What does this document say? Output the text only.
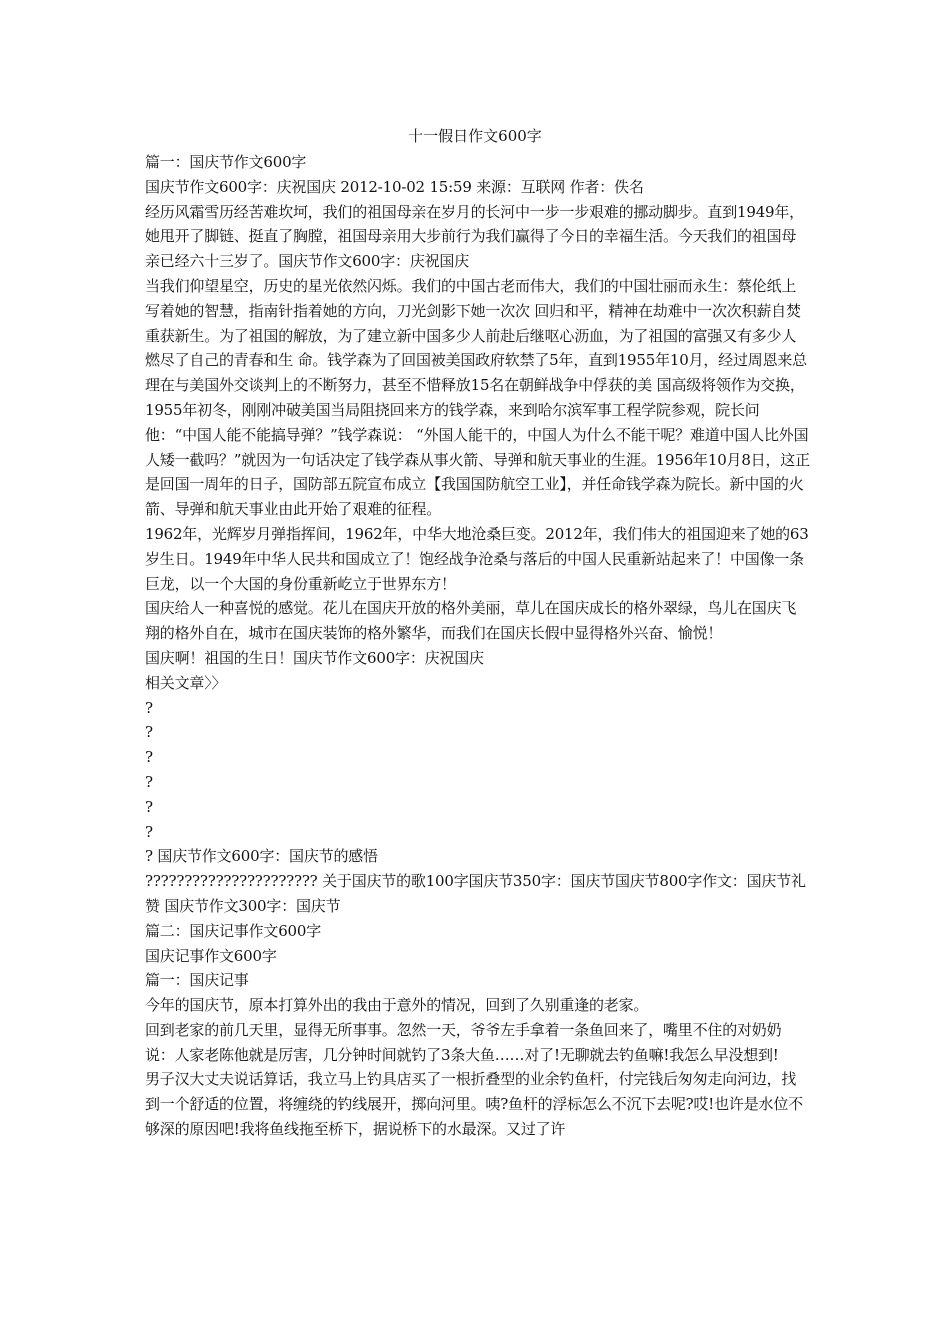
十一假日作文600字

篇一：国庆节作文600字

国庆节作文600字：庆祝国庆 2012-10-02 15:59 来源：互联网 作者：佚名

经历风霜雪历经苦难坎坷，我们的祖国母亲在岁月的长河中一步一步艰难的挪动脚步。直到1949年，她甩开了脚链、挺直了胸膛，祖国母亲用大步前行为我们赢得了今日的幸福生活。今天我们的祖国母亲已经六十三岁了。国庆节作文600字：庆祝国庆

当我们仰望星空，历史的星光依然闪烁。我们的中国古老而伟大，我们的中国壮丽而永生：蔡伦纸上写着她的智慧，指南针指着她的方向，刀光剑影下她一次次 回归和平，精神在劫难中一次次积薪自焚重获新生。为了祖国的解放，为了建立新中国多少人前赴后继呕心沥血，为了祖国的富强又有多少人燃尽了自己的青春和生 命。钱学森为了回国被美国政府软禁了5年，直到1955年10月，经过周恩来总理在与美国外交谈判上的不断努力，甚至不惜释放15名在朝鲜战争中俘获的美 国高级将领作为交换，1955年初冬，刚刚冲破美国当局阻挠回来方的钱学森，来到哈尔滨军事工程学院参观，院长问他：“中国人能不能搞导弹？”钱学森说： “外国人能干的，中国人为什么不能干呢？难道中国人比外国人矮一截吗？”就因为一句话决定了钱学森从事火箭、导弹和航天事业的生涯。1956年10月8日，这正是回国一周年的日子，国防部五院宣布成立【我国国防航空工业】，并任命钱学森为院长。新中国的火箭、导弹和航天事业由此开始了艰难的征程。

1962年，光辉岁月弹指挥间，1962年，中华大地沧桑巨变。2012年，我们伟大的祖国迎来了她的63岁生日。1949年中华人民共和国成立了！饱经战争沧桑与落后的中国人民重新站起来了！中国像一条巨龙，以一个大国的身份重新屹立于世界东方！

国庆给人一种喜悦的感觉。花儿在国庆开放的格外美丽，草儿在国庆成长的格外翠绿，鸟儿在国庆飞翔的格外自在，城市在国庆装饰的格外繁华，而我们在国庆长假中显得格外兴奋、愉悦！

国庆啊！祖国的生日！国庆节作文600字：庆祝国庆

相关文章〉〉

?

?

?

?

?

?

? 国庆节作文600字：国庆节的感悟

?????????????????????? 关于国庆节的歌100字国庆节350字：国庆节国庆节800字作文：国庆节礼赞 国庆节作文300字：国庆节

篇二：国庆记事作文600字

国庆记事作文600字

篇一：国庆记事

今年的国庆节，原本打算外出的我由于意外的情况，回到了久别重逢的老家。

回到老家的前几天里，显得无所事事。忽然一天，爷爷左手拿着一条鱼回来了，嘴里不住的对奶奶说：人家老陈他就是厉害，几分钟时间就钓了3条大鱼……对了!无聊就去钓鱼嘛!我怎么早没想到!

男子汉大丈夫说话算话，我立马上钓具店买了一根折叠型的业余钓鱼杆，付完钱后匆匆走向河边，找到一个舒适的位置，将缠绕的钓线展开，掷向河里。咦?鱼杆的浮标怎么不沉下去呢?哎!也许是水位不够深的原因吧!我将鱼线拖至桥下，据说桥下的水最深。又过了许
